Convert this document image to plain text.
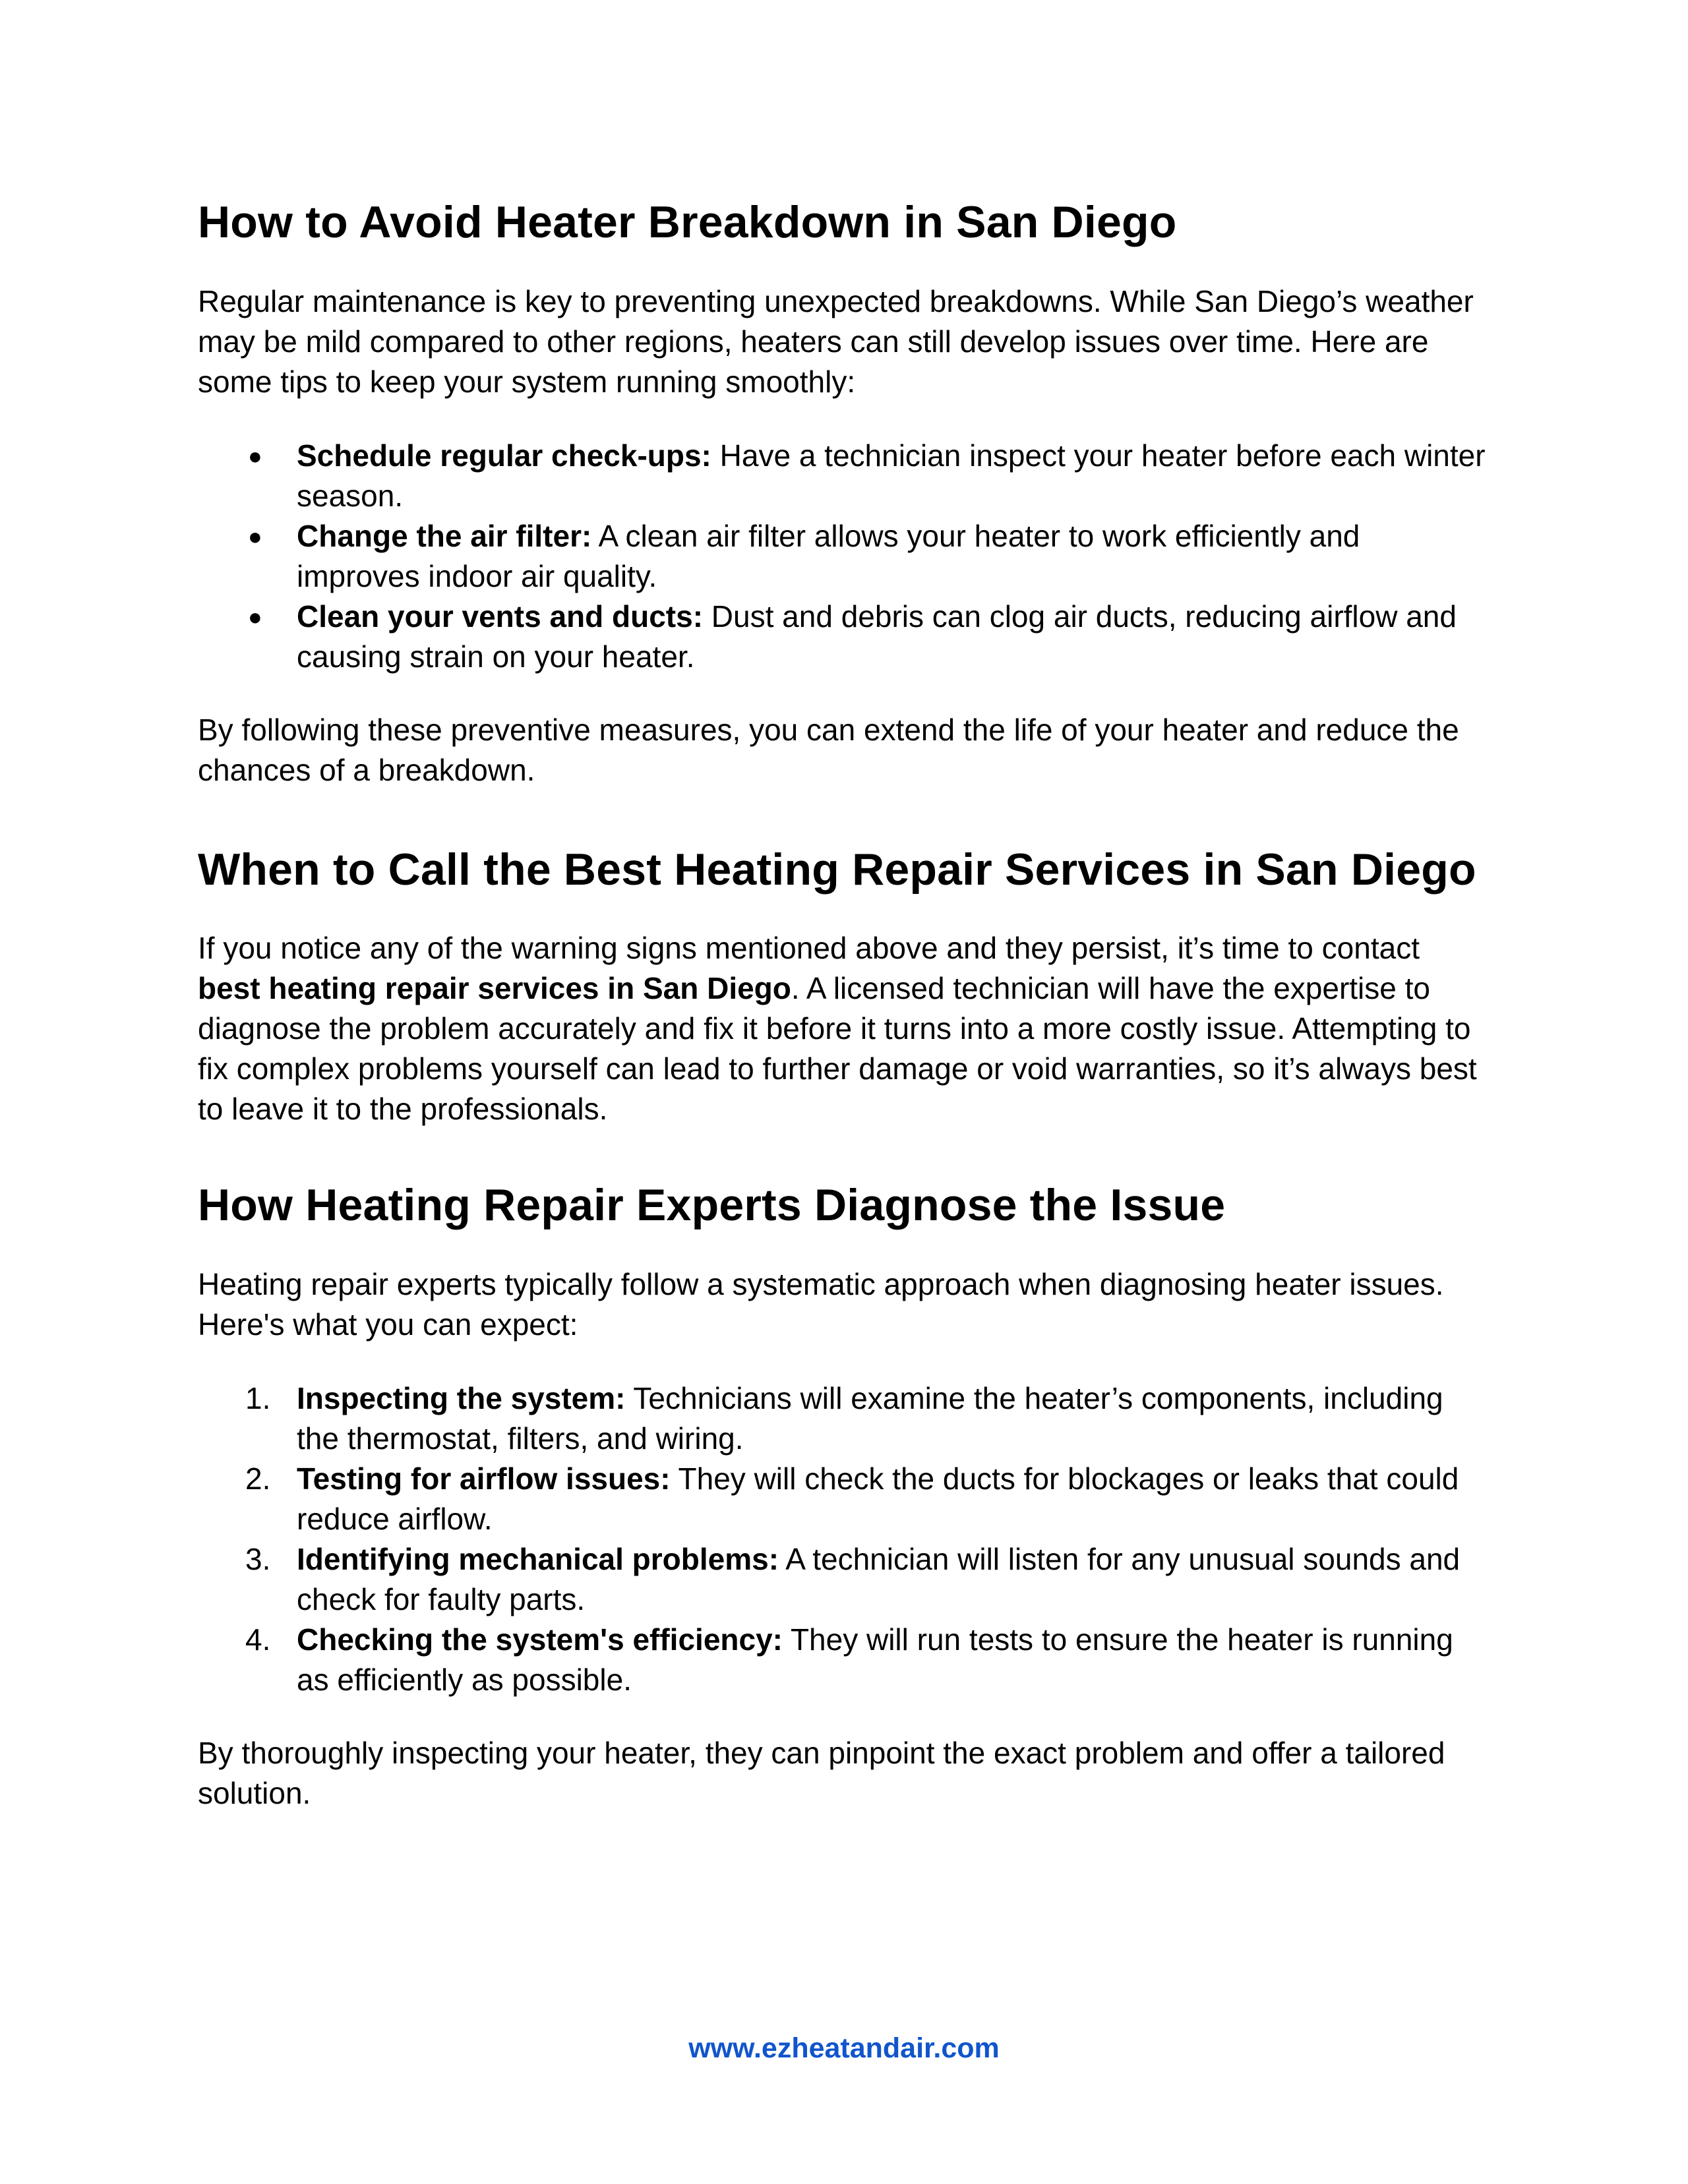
How to Avoid Heater Breakdown in San Diego

Regular maintenance is key to preventing unexpected breakdowns. While San Diego’s weather may be mild compared to other regions, heaters can still develop issues over time. Here are some tips to keep your system running smoothly:

● Schedule regular check-ups: Have a technician inspect your heater before each winter season.
● Change the air filter: A clean air filter allows your heater to work efficiently and improves indoor air quality.
● Clean your vents and ducts: Dust and debris can clog air ducts, reducing airflow and causing strain on your heater.

By following these preventive measures, you can extend the life of your heater and reduce the chances of a breakdown.

When to Call the Best Heating Repair Services in San Diego

If you notice any of the warning signs mentioned above and they persist, it’s time to contact best heating repair services in San Diego. A licensed technician will have the expertise to diagnose the problem accurately and fix it before it turns into a more costly issue. Attempting to fix complex problems yourself can lead to further damage or void warranties, so it’s always best to leave it to the professionals.

How Heating Repair Experts Diagnose the Issue

Heating repair experts typically follow a systematic approach when diagnosing heater issues. Here's what you can expect:

1. Inspecting the system: Technicians will examine the heater’s components, including the thermostat, filters, and wiring.
2. Testing for airflow issues: They will check the ducts for blockages or leaks that could reduce airflow.
3. Identifying mechanical problems: A technician will listen for any unusual sounds and check for faulty parts.
4. Checking the system's efficiency: They will run tests to ensure the heater is running as efficiently as possible.

By thoroughly inspecting your heater, they can pinpoint the exact problem and offer a tailored solution.

www.ezheatandair.com
